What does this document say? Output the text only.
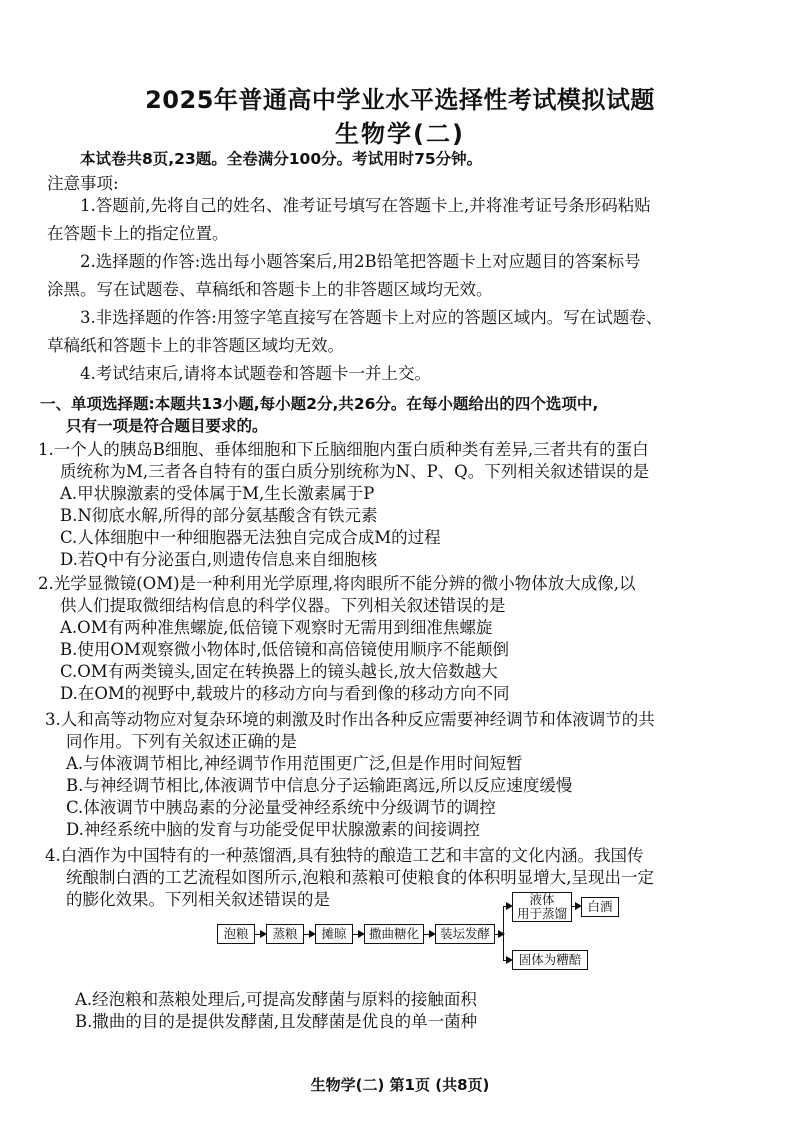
2025年普通高中学业水平选择性考试模拟试题
生物学(二)
本试卷共8页,23题。全卷满分100分。考试用时75分钟。
注意事项:
1.答题前,先将自己的姓名、准考证号填写在答题卡上,并将准考证号条形码粘贴
在答题卡上的指定位置。
2.选择题的作答:选出每小题答案后,用2B铅笔把答题卡上对应题目的答案标号
涂黑。写在试题卷、草稿纸和答题卡上的非答题区域均无效。
3.非选择题的作答:用签字笔直接写在答题卡上对应的答题区域内。写在试题卷、
草稿纸和答题卡上的非答题区域均无效。
4.考试结束后,请将本试题卷和答题卡一并上交。
一、单项选择题:本题共13小题,每小题2分,共26分。在每小题给出的四个选项中,
只有一项是符合题目要求的。
1.一个人的胰岛B细胞、垂体细胞和下丘脑细胞内蛋白质种类有差异,三者共有的蛋白
质统称为M,三者各自特有的蛋白质分别统称为N、P、Q。下列相关叙述错误的是
A.甲状腺激素的受体属于M,生长激素属于P
B.N彻底水解,所得的部分氨基酸含有铁元素
C.人体细胞中一种细胞器无法独自完成合成M的过程
D.若Q中有分泌蛋白,则遗传信息来自细胞核
2.光学显微镜(OM)是一种利用光学原理,将肉眼所不能分辨的微小物体放大成像,以
供人们提取微细结构信息的科学仪器。下列相关叙述错误的是
A.OM有两种准焦螺旋,低倍镜下观察时无需用到细准焦螺旋
B.使用OM观察微小物体时,低倍镜和高倍镜使用顺序不能颠倒
C.OM有两类镜头,固定在转换器上的镜头越长,放大倍数越大
D.在OM的视野中,载玻片的移动方向与看到像的移动方向不同
3.人和高等动物应对复杂环境的刺激及时作出各种反应需要神经调节和体液调节的共
同作用。下列有关叙述正确的是
A.与体液调节相比,神经调节作用范围更广泛,但是作用时间短暂
B.与神经调节相比,体液调节中信息分子运输距离远,所以反应速度缓慢
C.体液调节中胰岛素的分泌量受神经系统中分级调节的调控
D.神经系统中脑的发育与功能受促甲状腺激素的间接调控
4.白酒作为中国特有的一种蒸馏酒,具有独特的酿造工艺和丰富的文化内涵。我国传
统酿制白酒的工艺流程如图所示,泡粮和蒸粮可使粮食的体积明显增大,呈现出一定
的膨化效果。下列相关叙述错误的是
泡粮	蒸粮	摊晾	撒曲糖化	装坛发酵
液体
用于蒸馏	白酒
固体为糟醅
A.经泡粮和蒸粮处理后,可提高发酵菌与原料的接触面积
B.撒曲的目的是提供发酵菌,且发酵菌是优良的单一菌种
生物学(二) 第1页 (共8页)
